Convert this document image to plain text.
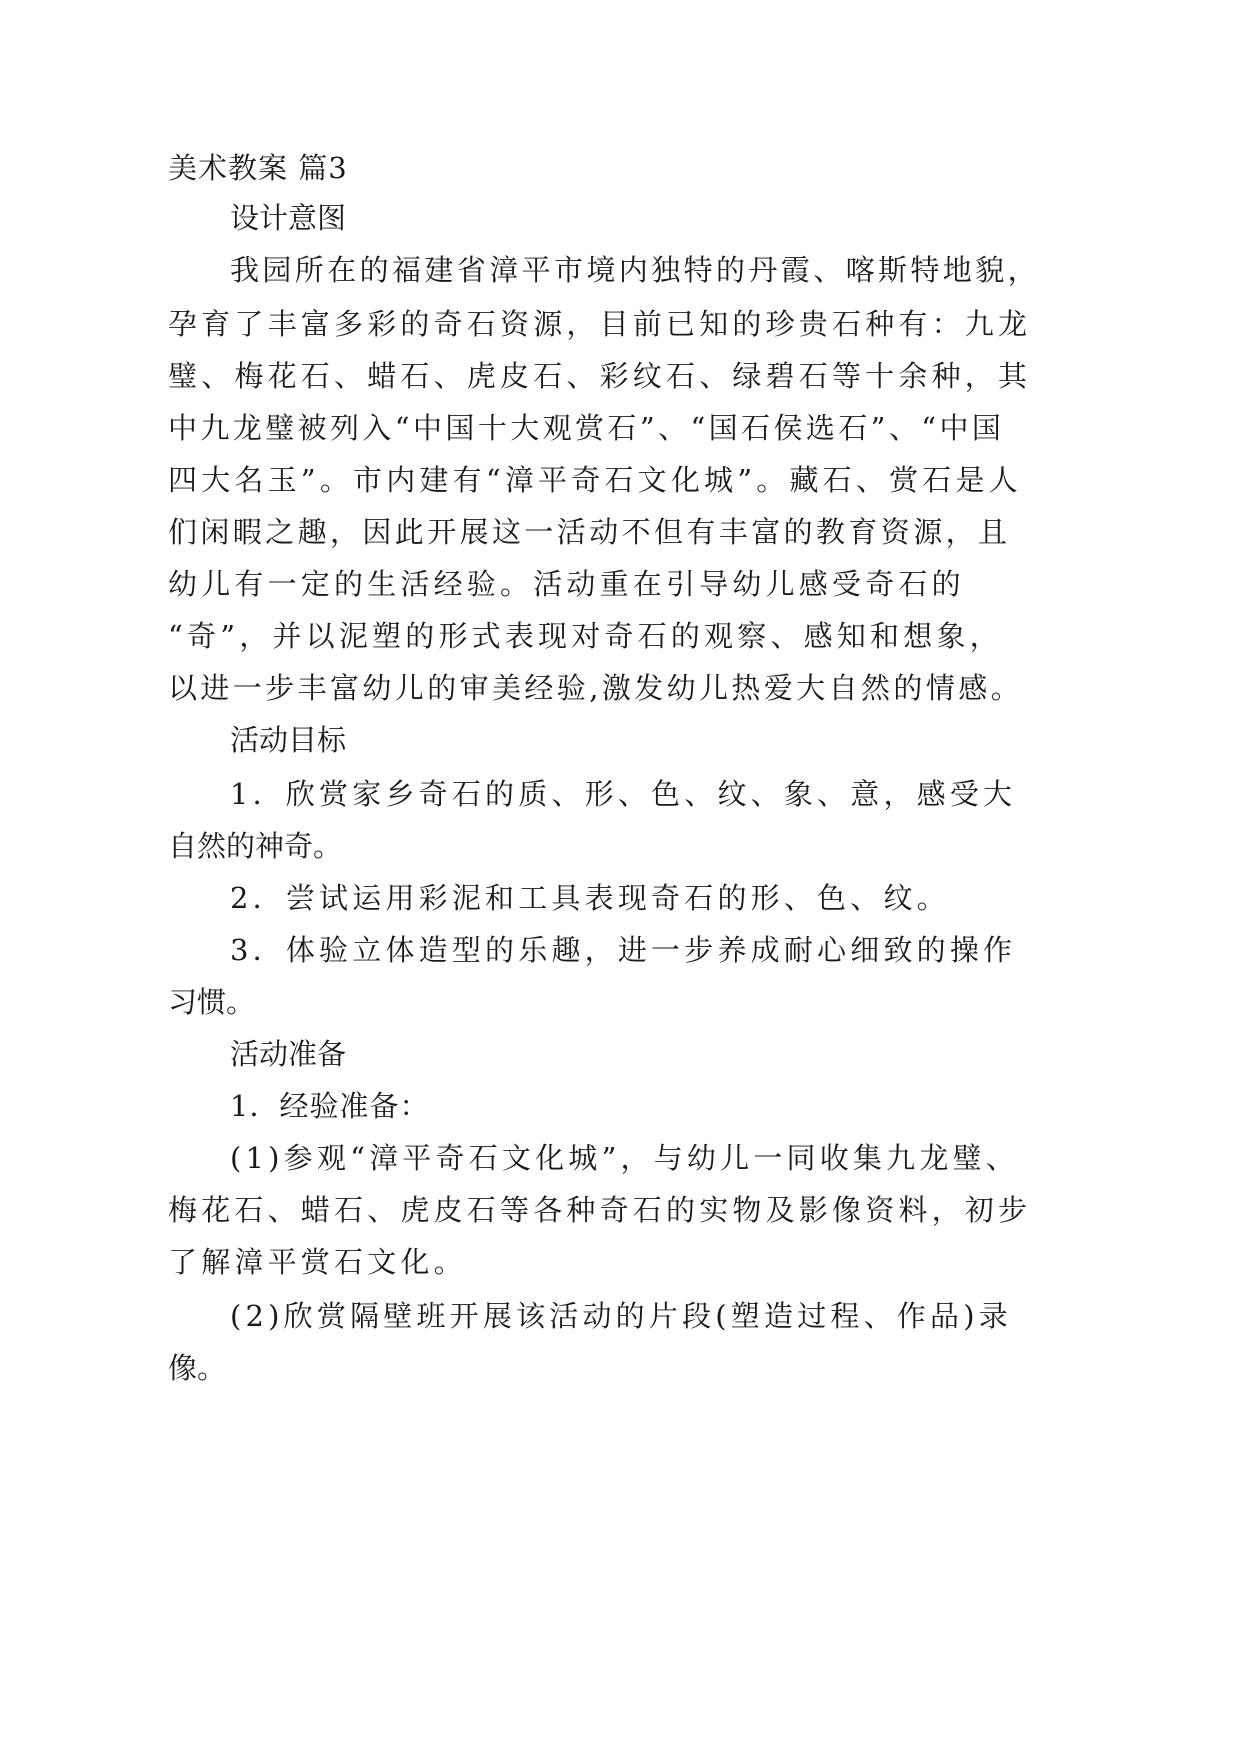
美术教案 篇3
设计意图
我园所在的福建省漳平市境内独特的丹霞、喀斯特地貌，
孕育了丰富多彩的奇石资源，目前已知的珍贵石种有：九龙
璧、梅花石、蜡石、虎皮石、彩纹石、绿碧石等十余种，其
中九龙璧被列入“中国十大观赏石”、“国石侯选石”、“中国
四大名玉”。市内建有“漳平奇石文化城”。藏石、赏石是人
们闲暇之趣，因此开展这一活动不但有丰富的教育资源，且
幼儿有一定的生活经验。活动重在引导幼儿感受奇石的
“奇”，并以泥塑的形式表现对奇石的观察、感知和想象，
以进一步丰富幼儿的审美经验,激发幼儿热爱大自然的情感。
活动目标
1．欣赏家乡奇石的质、形、色、纹、象、意，感受大
自然的神奇。
2．尝试运用彩泥和工具表现奇石的形、色、纹。
3．体验立体造型的乐趣，进一步养成耐心细致的操作
习惯。
活动准备
1．经验准备：
(1)参观“漳平奇石文化城”，与幼儿一同收集九龙璧、
梅花石、蜡石、虎皮石等各种奇石的实物及影像资料，初步
了解漳平赏石文化。
(2)欣赏隔壁班开展该活动的片段(塑造过程、作品)录
像。
